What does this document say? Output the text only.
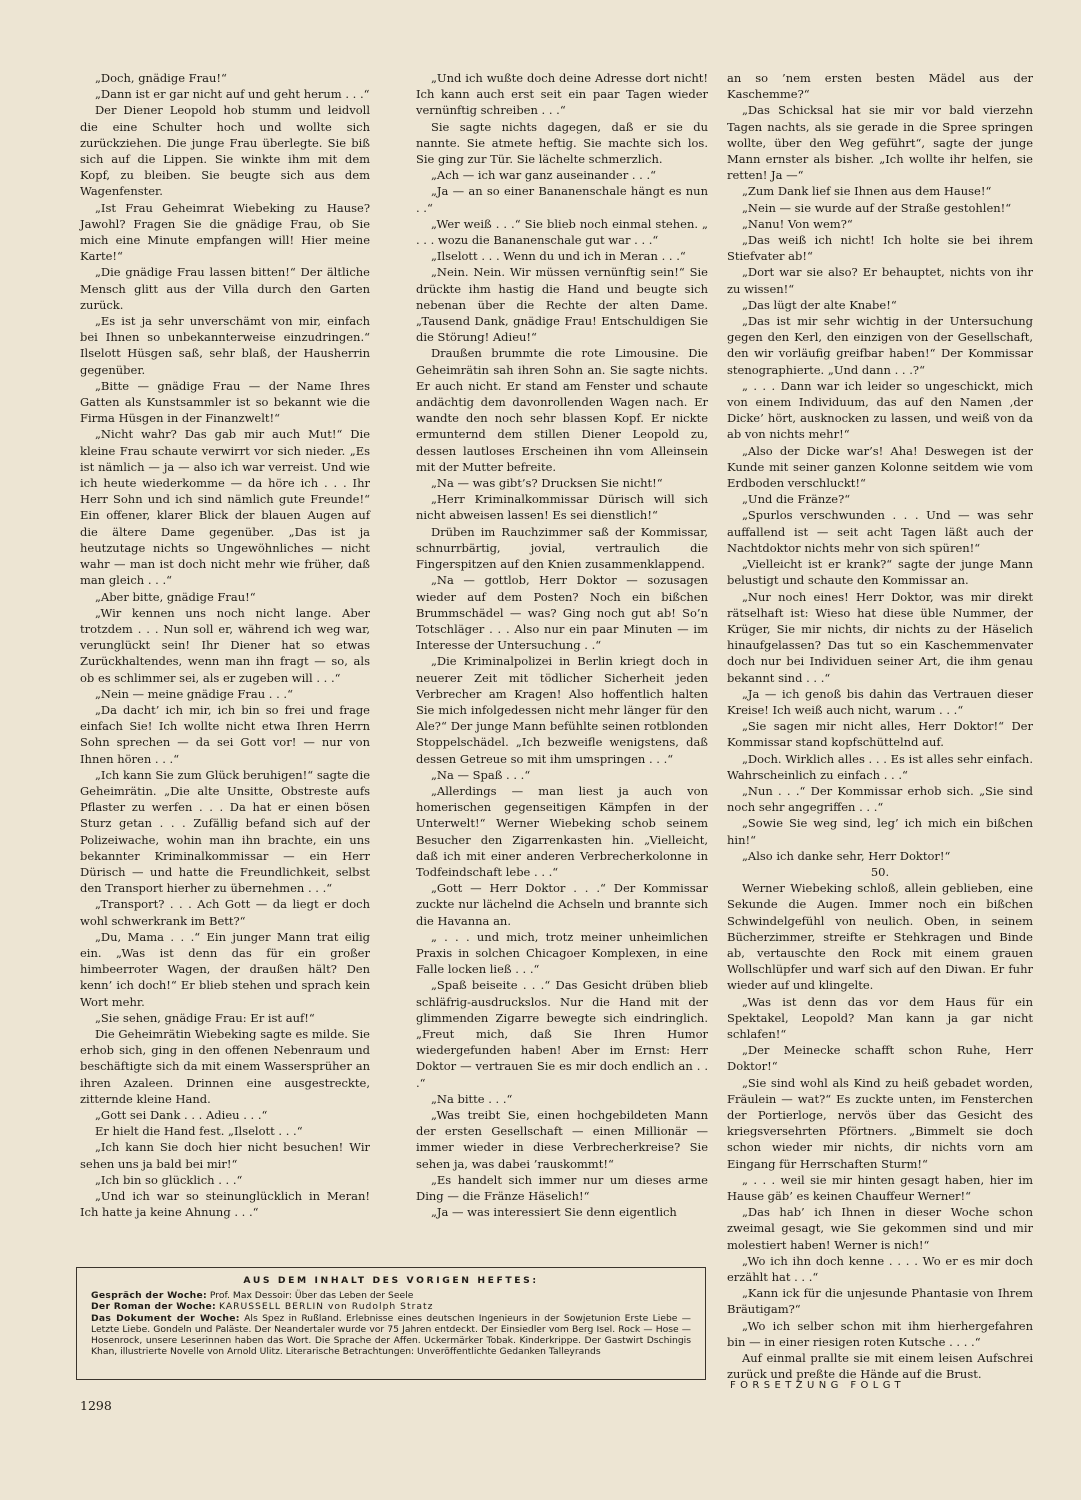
„Doch, gnädige Frau!“

„Dann ist er gar nicht auf und geht herum . . .“

Der Diener Leopold hob stumm und leidvoll die eine Schulter hoch und wollte sich zurückziehen. Die junge Frau überlegte. Sie biß sich auf die Lippen. Sie winkte ihm mit dem Kopf, zu bleiben. Sie beugte sich aus dem Wagenfenster.

„Ist Frau Geheimrat Wiebeking zu Hause? Jawohl? Fragen Sie die gnädige Frau, ob Sie mich eine Minute empfangen will! Hier meine Karte!“

„Die gnädige Frau lassen bitten!“ Der ältliche Mensch glitt aus der Villa durch den Garten zurück.

„Es ist ja sehr unverschämt von mir, einfach bei Ihnen so unbekannterweise einzudringen.“ Ilselott Hüsgen saß, sehr blaß, der Hausherrin gegenüber.

„Bitte — gnädige Frau — der Name Ihres Gatten als Kunstsammler ist so bekannt wie die Firma Hüsgen in der Finanzwelt!“

„Nicht wahr? Das gab mir auch Mut!“ Die kleine Frau schaute verwirrt vor sich nieder. „Es ist nämlich — ja — also ich war verreist. Und wie ich heute wiederkomme — da höre ich . . . Ihr Herr Sohn und ich sind nämlich gute Freunde!“ Ein offener, klarer Blick der blauen Augen auf die ältere Dame gegenüber. „Das ist ja heutzutage nichts so Ungewöhnliches — nicht wahr — man ist doch nicht mehr wie früher, daß man gleich . . .“

„Aber bitte, gnädige Frau!“

„Wir kennen uns noch nicht lange. Aber trotzdem . . . Nun soll er, während ich weg war, verunglückt sein! Ihr Diener hat so etwas Zurückhaltendes, wenn man ihn fragt — so, als ob es schlimmer sei, als er zugeben will . . .“

„Nein — meine gnädige Frau . . .“

„Da dacht’ ich mir, ich bin so frei und frage einfach Sie! Ich wollte nicht etwa Ihren Herrn Sohn sprechen — da sei Gott vor! — nur von Ihnen hören . . .“

„Ich kann Sie zum Glück beruhigen!“ sagte die Geheimrätin. „Die alte Unsitte, Obstreste aufs Pflaster zu werfen . . . Da hat er einen bösen Sturz getan . . . Zufällig befand sich auf der Polizeiwache, wohin man ihn brachte, ein uns bekannter Kriminalkommissar — ein Herr Dürisch — und hatte die Freundlichkeit, selbst den Transport hierher zu übernehmen . . .“

„Transport? . . . Ach Gott — da liegt er doch wohl schwerkrank im Bett?“

„Du, Mama . . .“ Ein junger Mann trat eilig ein. „Was ist denn das für ein großer himbeerroter Wagen, der draußen hält? Den kenn’ ich doch!“ Er blieb stehen und sprach kein Wort mehr.

„Sie sehen, gnädige Frau: Er ist auf!“

Die Geheimrätin Wiebeking sagte es milde. Sie erhob sich, ging in den offenen Nebenraum und beschäftigte sich da mit einem Wassersprüher an ihren Azaleen. Drinnen eine ausgestreckte, zitternde kleine Hand.

„Gott sei Dank . . . Adieu . . .“

Er hielt die Hand fest. „Ilselott . . .“

„Ich kann Sie doch hier nicht besuchen! Wir sehen uns ja bald bei mir!“

„Ich bin so glücklich . . .“

„Und ich war so steinunglücklich in Meran! Ich hatte ja keine Ahnung . . .“

„Und ich wußte doch deine Adresse dort nicht! Ich kann auch erst seit ein paar Tagen wieder vernünftig schreiben . . .“

Sie sagte nichts dagegen, daß er sie du nannte. Sie atmete heftig. Sie machte sich los. Sie ging zur Tür. Sie lächelte schmerzlich.

„Ach — ich war ganz auseinander . . .“

„Ja — an so einer Bananenschale hängt es nun . .“

„Wer weiß . . .“ Sie blieb noch einmal stehen. „ . . . wozu die Bananenschale gut war . . .“

„Ilselott . . . Wenn du und ich in Meran . . .“

„Nein. Nein. Wir müssen vernünftig sein!“ Sie drückte ihm hastig die Hand und beugte sich nebenan über die Rechte der alten Dame. „Tausend Dank, gnädige Frau! Entschuldigen Sie die Störung! Adieu!“

Draußen brummte die rote Limousine. Die Geheimrätin sah ihren Sohn an. Sie sagte nichts. Er auch nicht. Er stand am Fenster und schaute andächtig dem davonrollenden Wagen nach. Er wandte den noch sehr blassen Kopf. Er nickte ermunternd dem stillen Diener Leopold zu, dessen lautloses Erscheinen ihn vom Alleinsein mit der Mutter befreite.

„Na — was gibt’s? Drucksen Sie nicht!“

„Herr Kriminalkommissar Dürisch will sich nicht abweisen lassen! Es sei dienstlich!“

Drüben im Rauchzimmer saß der Kommissar, schnurrbärtig, jovial, vertraulich die Fingerspitzen auf den Knien zusammenklappend.

„Na — gottlob, Herr Doktor — sozusagen wieder auf dem Posten? Noch ein bißchen Brummschädel — was? Ging noch gut ab! So’n Totschläger . . . Also nur ein paar Minuten — im Interesse der Untersuchung . .“

„Die Kriminalpolizei in Berlin kriegt doch in neuerer Zeit mit tödlicher Sicherheit jeden Verbrecher am Kragen! Also hoffentlich halten Sie mich infolgedessen nicht mehr länger für den Ale?“ Der junge Mann befühlte seinen rotblonden Stoppelschädel. „Ich bezweifle wenigstens, daß dessen Getreue so mit ihm umspringen . . .“

„Na — Spaß . . .“

„Allerdings — man liest ja auch von homerischen gegenseitigen Kämpfen in der Unterwelt!“ Werner Wiebeking schob seinem Besucher den Zigarrenkasten hin. „Vielleicht, daß ich mit einer anderen Verbrecherkolonne in Todfeindschaft lebe . . .“

„Gott — Herr Doktor . . .“ Der Kommissar zuckte nur lächelnd die Achseln und brannte sich die Havanna an.

„ . . . und mich, trotz meiner unheimlichen Praxis in solchen Chicagoer Komplexen, in eine Falle locken ließ . . .“

„Spaß beiseite . . .“ Das Gesicht drüben blieb schläfrig-ausdruckslos. Nur die Hand mit der glimmenden Zigarre bewegte sich eindringlich. „Freut mich, daß Sie Ihren Humor wiedergefunden haben! Aber im Ernst: Herr Doktor — vertrauen Sie es mir doch endlich an . . .“

„Na bitte . . .“

„Was treibt Sie, einen hochgebildeten Mann der ersten Gesellschaft — einen Millionär — immer wieder in diese Verbrecherkreise? Sie sehen ja, was dabei ’rauskommt!“

„Es handelt sich immer nur um dieses arme Ding — die Fränze Häselich!“

„Ja — was interessiert Sie denn eigentlich

an so ’nem ersten besten Mädel aus der Kaschemme?“

„Das Schicksal hat sie mir vor bald vierzehn Tagen nachts, als sie gerade in die Spree springen wollte, über den Weg geführt“, sagte der junge Mann ernster als bisher. „Ich wollte ihr helfen, sie retten! Ja —“

„Zum Dank lief sie Ihnen aus dem Hause!“

„Nein — sie wurde auf der Straße gestohlen!“

„Nanu! Von wem?“

„Das weiß ich nicht! Ich holte sie bei ihrem Stiefvater ab!“

„Dort war sie also? Er behauptet, nichts von ihr zu wissen!“

„Das lügt der alte Knabe!“

„Das ist mir sehr wichtig in der Untersuchung gegen den Kerl, den einzigen von der Gesellschaft, den wir vorläufig greifbar haben!“ Der Kommissar stenographierte. „Und dann . . .?“

„ . . . Dann war ich leider so ungeschickt, mich von einem Individuum, das auf den Namen ‚der Dicke’ hört, ausknocken zu lassen, und weiß von da ab von nichts mehr!“

„Also der Dicke war’s! Aha! Deswegen ist der Kunde mit seiner ganzen Kolonne seitdem wie vom Erdboden verschluckt!“

„Und die Fränze?“

„Spurlos verschwunden . . . Und — was sehr auffallend ist — seit acht Tagen läßt auch der Nachtdoktor nichts mehr von sich spüren!“

„Vielleicht ist er krank?“ sagte der junge Mann belustigt und schaute den Kommissar an.

„Nur noch eines! Herr Doktor, was mir direkt rätselhaft ist: Wieso hat diese üble Nummer, der Krüger, Sie mir nichts, dir nichts zu der Häselich hinaufgelassen? Das tut so ein Kaschemmenvater doch nur bei Individuen seiner Art, die ihm genau bekannt sind . . .“

„Ja — ich genoß bis dahin das Vertrauen dieser Kreise! Ich weiß auch nicht, warum . . .“

„Sie sagen mir nicht alles, Herr Doktor!“ Der Kommissar stand kopfschüttelnd auf.

„Doch. Wirklich alles . . . Es ist alles sehr einfach. Wahrscheinlich zu einfach . . .“

„Nun . . .“ Der Kommissar erhob sich. „Sie sind noch sehr angegriffen . . .“

„Sowie Sie weg sind, leg’ ich mich ein bißchen hin!“

„Also ich danke sehr, Herr Doktor!“

50.

Werner Wiebeking schloß, allein geblieben, eine Sekunde die Augen. Immer noch ein bißchen Schwindelgefühl von neulich. Oben, in seinem Bücherzimmer, streifte er Stehkragen und Binde ab, vertauschte den Rock mit einem grauen Wollschlüpfer und warf sich auf den Diwan. Er fuhr wieder auf und klingelte.

„Was ist denn das vor dem Haus für ein Spektakel, Leopold? Man kann ja gar nicht schlafen!“

„Der Meinecke schafft schon Ruhe, Herr Doktor!“

„Sie sind wohl als Kind zu heiß gebadet worden, Fräulein — wat?“ Es zuckte unten, im Fensterchen der Portierloge, nervös über das Gesicht des kriegsversehrten Pförtners. „Bimmelt sie doch schon wieder mir nichts, dir nichts vorn am Eingang für Herrschaften Sturm!“

„ . . . weil sie mir hinten gesagt haben, hier im Hause gäb’ es keinen Chauffeur Werner!“

„Das hab’ ich Ihnen in dieser Woche schon zweimal gesagt, wie Sie gekommen sind und mir molestiert haben! Werner is nich!“

„Wo ich ihn doch kenne . . . . Wo er es mir doch erzählt hat . . .“

„Kann ick für die unjesunde Phantasie von Ihrem Bräutigam?“

„Wo ich selber schon mit ihm hierhergefahren bin — in einer riesigen roten Kutsche . . . .“

Auf einmal prallte sie mit einem leisen Aufschrei zurück und preßte die Hände auf die Brust.

AUS DEM INHALT DES VORIGEN HEFTES:
Gespräch der Woche: Prof. Max Dessoir: Über das Leben der Seele
Der Roman der Woche: KARUSSELL BERLIN von Rudolph Stratz
Das Dokument der Woche: Als Spez in Rußland. Erlebnisse eines deutschen Ingenieurs in der Sowjetunion Erste Liebe — Letzte Liebe. Gondeln und Paläste. Der Neandertaler wurde vor 75 Jahren entdeckt. Der Einsiedler vom Berg Isel. Rock — Hose — Hosenrock, unsere Leserinnen haben das Wort. Die Sprache der Affen. Uckermärker Tobak. Kinderkrippe. Der Gastwirt Dschingis Khan, illustrierte Novelle von Arnold Ulitz. Literarische Betrachtungen: Unveröffentlichte Gedanken Talleyrands
1298
FORSETZUNG FOLGT
